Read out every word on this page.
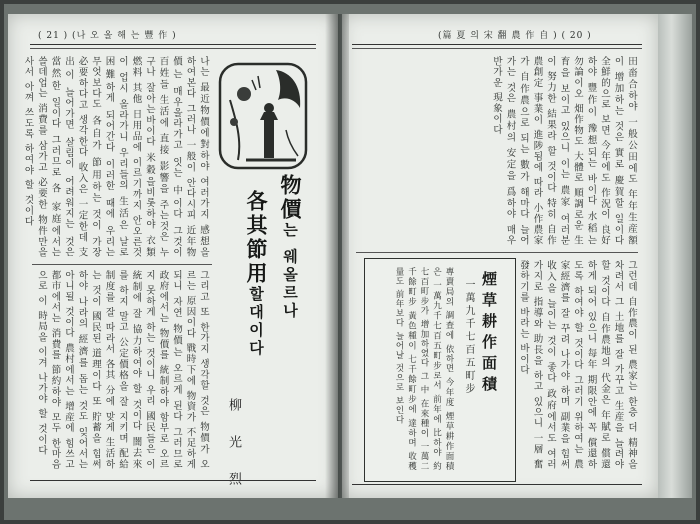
( 21 ) (나 오 올 해 는 豐 作 )
物價는 웨올르나
各其節用할대이다
柳 光 烈
나는 最近物價에對하야 여러가지 感想을 하여본다 그러나 一般이 안다시피 近年物價는 매우올라가고 잇는 中이다 그것이 百姓들 生活에 直接 影響을 주는것은 누구나 잘아는바이다 米穀을비롯하야 衣類 燃料 其他 日用品에 이르기까지 안오른것이 업시 올라가니 우리들의 生活은 날로 困難하게 되어간다 이러한 때에 우리는 무엇보다도 各自가 節用하는 것이 가장 必要하다고 생각한다 收入은 一定한데 支出이 늘어가면 살림이 어려워지는 것은 當然한 일이다 그러므로 各 家庭에서는 쓸데업는 消費를 삼가고 必要한 物件만을 사서 아껴 쓰도록 하여야 할 것이다
그리고 또 한가지 생각할 것은 物價가 오르는 原因이다 戰時下에 物資가 不足하게 되니 자연 物價는 오르게 된다 그러므로 政府에서는 物價를 統制하야 함부로 오르지 못하게 하는 것이니 우리 國民들은 이 統制에 잘 協力하여야 할 것이다 闇去來를 하지 말고 公定價格을 잘 지키며 配給制度를 잘 따라서 各其 分에 맞게 生活하는 것이 國民된 道理이다 또 貯蓄을 힘써 하야 나라의 經濟를 돕는 것도 잊어서는 아니될 것이다 農村에서는 增産에 힘쓰고 都市에서는 消費를 節約하야 모두 한마음으로 이 時局을 이겨 나가야 할 것이다
(篇 夏 의 宋 翻 農 作 自 ) ( 20 )
田畓合하야 一般公田에도 年年生産額이 增加하는 것은 實로 慶賀할 일이다 全鮮的으로 보면 今年에도 作況이 良好하야 豐作이 豫想되는 바이다 水稻는 勿論이오 畑作物도 大體로 順調로운 生育을 보이고 있으니 이는 農家 여러분이 努力한 結果라 할 것이다 特히 自作農創定 事業이 進陟됨에 따라 小作農家가 自作農으로 되는 數가 해마다 늘어가는 것은 農村의 安定을 爲하야 매우 반가운 現象이다
그런데 自作農이 된 農家는 한층 더 精神을 차려서 그 土地를 잘 가꾸고 生産을 늘려야 할 것이다 自作農地의 代金은 年賦로 償還하게 되어 있으니 每年 期限안에 꼭 償還하도록 하여야 할 것이다 그러기 위하여는 農家經濟를 잘 꾸려 나가야 하며 副業을 힘써 收入을 늘이는 것이 좋다 政府에서도 여러가지로 指導와 助長을 하고 있으니 一層 奮發하기를 바라는 바이다
煙草耕作面積
一萬九千七百五町步
專賣局의 調査에 依하면 今年度 煙草耕作面積은 一萬九千七百五町步로서 前年에 比하야 約 七百町步가 增加하였다 그 中 在來種이 一萬二千餘町步 黃色種이 七千餘町步에 達하며 收穫量도 前年보다 늘어날 것으로 보인다
